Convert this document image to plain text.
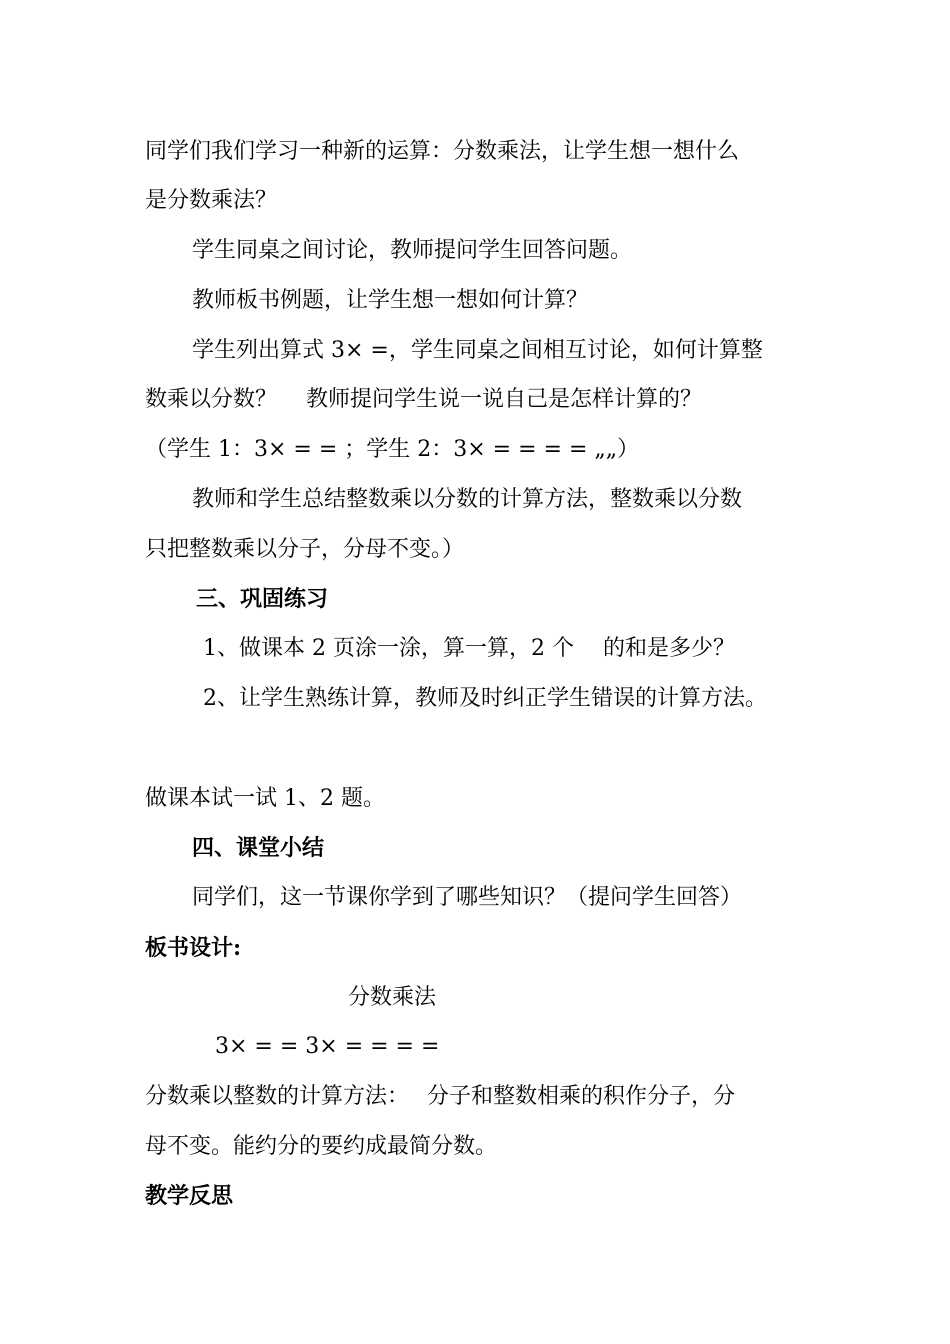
同学们我们学习一种新的运算：分数乘法，让学生想一想什么

是分数乘法？

学生同桌之间讨论，教师提问学生回答问题。

教师板书例题，让学生想一想如何计算？

学生列出算式 3× =，学生同桌之间相互讨论，如何计算整

数乘以分数？　 教师提问学生说一说自己是怎样计算的？

（学生 1：3× = = ；学生 2：3× = = = = „„）

教师和学生总结整数乘以分数的计算方法，整数乘以分数

只把整数乘以分子，分母不变。）

三、巩固练习

1、做课本 2 页涂一涂，算一算，2 个　 的和是多少？

2、让学生熟练计算，教师及时纠正学生错误的计算方法。

做课本试一试 1、2 题。

四、课堂小结

同学们，这一节课你学到了哪些知识？（提问学生回答）

板书设计:

分数乘法

3× = = 3× = = = =

分数乘以整数的计算方法：　 分子和整数相乘的积作分子，分

母不变。能约分的要约成最简分数。

教学反思
